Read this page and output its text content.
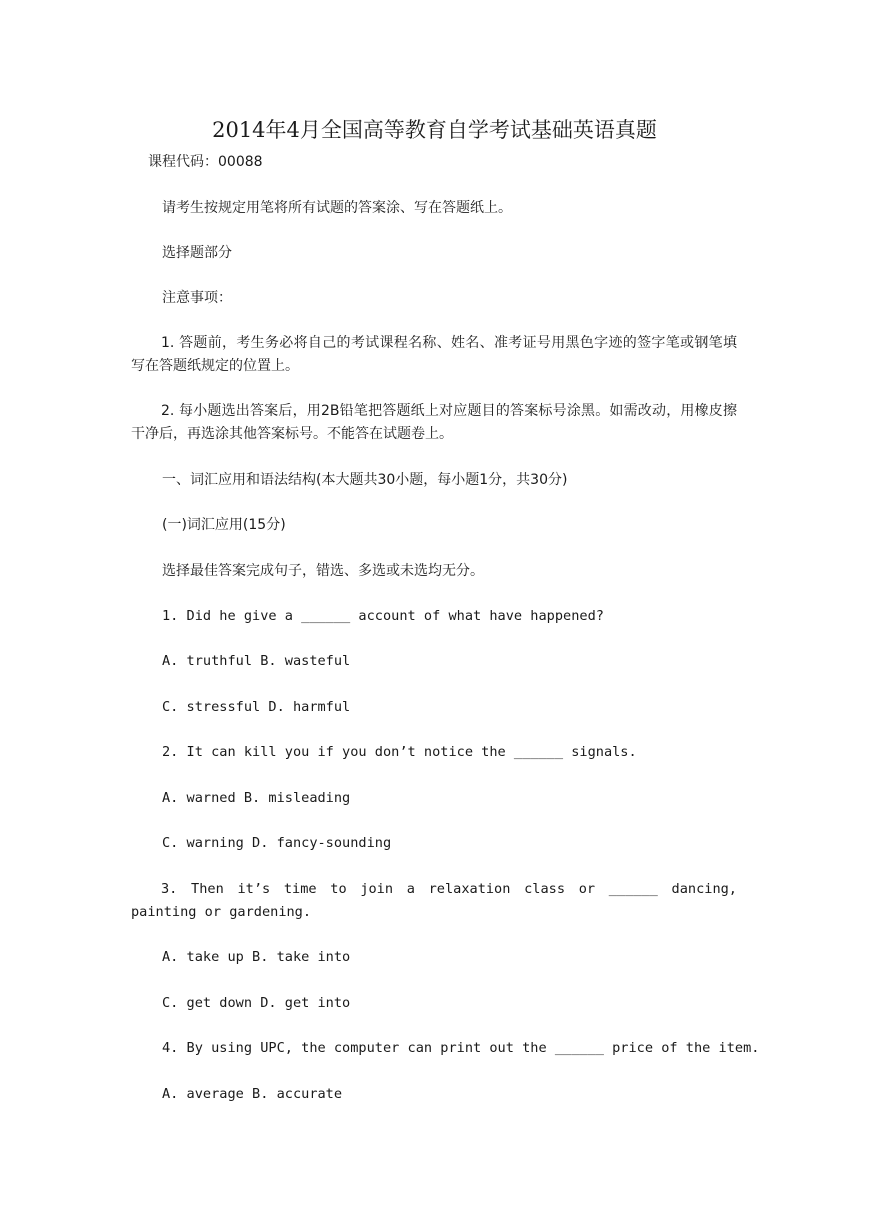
2014年4月全国高等教育自学考试基础英语真题
课程代码：00088
请考生按规定用笔将所有试题的答案涂、写在答题纸上。
选择题部分
注意事项：
1. 答题前，考生务必将自己的考试课程名称、姓名、准考证号用黑色字迹的签字笔或钢笔填写在答题纸规定的位置上。
2. 每小题选出答案后，用2B铅笔把答题纸上对应题目的答案标号涂黑。如需改动，用橡皮擦干净后，再选涂其他答案标号。不能答在试题卷上。
一、词汇应用和语法结构(本大题共30小题，每小题1分，共30分)
(一)词汇应用(15分)
选择最佳答案完成句子，错选、多选或未选均无分。
1. Did he give a ______ account of what have happened?
A. truthful B. wasteful
C. stressful D. harmful
2. It can kill you if you don’t notice the ______ signals.
A. warned B. misleading
C. warning D. fancy-sounding
3. Then it’s time to join a relaxation class or ______ dancing, painting or gardening.
A. take up B. take into
C. get down D. get into
4. By using UPC, the computer can print out the ______ price of the item.
A. average B. accurate
